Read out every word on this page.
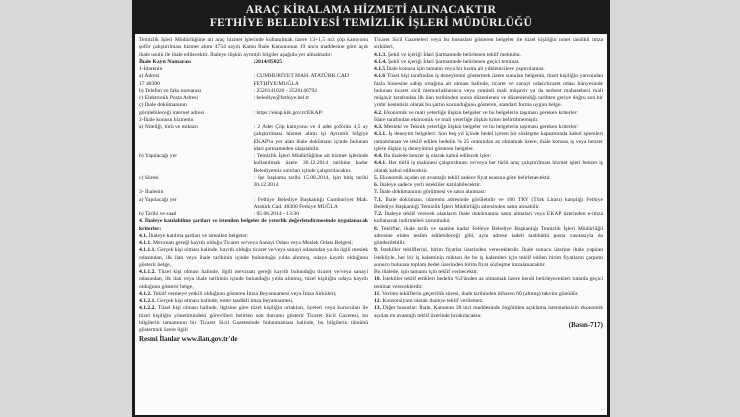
ARAÇ KİRALAMA HİZMETİ ALINACAKTIR
FETHİYE BELEDİYESİ TEMİZLİK İŞLERİ MÜDÜRLÜĞÜ
Temizlik İşleri Müdürlüğüne ait araç hizmet işlerinde kullanılmak üzere 13+1,5 m3 çöp kamyonu şoför çalıştırılması hizmet alımı 4734 sayılı Kamu İhale Kanununun 19 uncu maddesine göre açık ihale usulü ile ihale edilecektir. İhaleye ilişkin ayrıntılı bilgiler aşağıda yer almaktadır:
İhale Kayıt Numarası	:2014/85025
1-İdarenin
a) Adresi	: CUMHURİYET MAH. ATATÜRK CAD
17 48300	FETHİYE/MUĞLA
b) Telefon ve faks numarası	: 2526141020 - 2526146792
c) Elektronik Posta Adresi	: belediye@fethiye.bel.tr
ç) İhale dokümanının
görülebileceği internet adresi	: https://ekap.kik.gov.tr/EKAP/
2-İhale konusu hizmetin
a) Niteliği, türü ve miktarı	: 2 Adet Çöp kamyonu ve 4 adet şoförün 4,5 ay çalıştırılması hizmet alımı işi Ayrıntılı bilgiye EKAP'ta yer alan ihale dokümanı içinde bulunan idari şartnameden ulaşılabilir.
b) Yapılacağı yer	: Temizlik İşleri Müdürlüğüne ait hizmet işlerinde kullanılmak üzere 30.12.2014 tarihine kadar Belediyemiz sınırları içinde çalıştırılacaktır.
c) Süresi	: İşe başlama tarihi 15.08.2014, işin bitiş tarihi 30.12.2014
3- İhalenin
a) Yapılacağı yer	: Fethiye Belediye Başkanlığı Cumhuriyet Mah. Atatürk Cad. 48300 Fethiye MUĞLA
b) Tarihi ve saati	: 05.08.2014 - 13:30
4. İhaleye katılabilme şartları ve istenilen belgeler ile yeterlik değerlendirmesinde uygulanacak kriterler:
4.1. İhaleye katılma şartları ve istenilen belgeler:
4.1.1. Mevzuatı gereği kayıtlı olduğu Ticaret ve/veya Sanayi Odası veya Meslek Odası Belgesi;
4.1.1.1. Gerçek kişi olması halinde, kayıtlı olduğu ticaret ve/veya sanayi odasından ya da ilgili meslek odasından, ilk ilan veya ihale tarihinin içinde bulunduğu yılda alınmış, odaya kayıtlı olduğunu gösterir belge,
4.1.1.2. Tüzel kişi olması halinde, ilgili mevzuatı gereği kayıtlı bulunduğu ticaret ve/veya sanayi odasından, ilk ilan veya ihale tarihinin içinde bulunduğu yılda alınmış, tüzel kişiliğin odaya kayıtlı olduğunu gösterir belge,
4.1.2. Teklif vermeye yetkili olduğunu gösteren İmza Beyannamesi veya İmza Sirküleri;
4.1.2.1. Gerçek kişi olması halinde, noter tasdikli imza beyannamesi,
4.1.2.2. Tüzel kişi olması halinde, ilgisine göre tüzel kişiliğin ortakları, üyeleri veya kurucuları ile tüzel kişiliğin yönetimindeki görevlileri belirten son durumu gösterir Ticaret Sicil Gazetesi, bu bilgilerin tamamının bir Ticaret Sicil Gazetesinde bulunmaması halinde, bu bilgilerin tümünü göstermek üzere ilgili
Resmi İlanlar www.ilan.gov.tr'de
Ticaret Sicil Gazeteleri veya bu hususları gösteren belgeler ile tüzel kişiliğin noter tasdikli imza sirküleri,
4.1.3. Şekli ve içeriği İdari Şartnamede belirlenen teklif mektubu.
4.1.4. Şekli ve içeriği İdari Şartnamede belirlenen geçici teminat.
4.1.5 İhale konusu işin tamamı veya bir kısmı alt yüklenicilere yaptırılamaz.
4.1.6 Tüzel kişi tarafından iş deneyimini göstermek üzere sunulan belgenin, tüzel kişiliğin yarısından fazla hissesine sahip ortağına ait olması halinde, ticaret ve sanayi odası/ticaret odası bünyesinde bulunan ticaret sicil memurluklarınca veya yeminli mali müşavir ya da serbest muhasebeci mali müşavir tarafından ilk ilan tarihinden sonra düzenlenen ve düzenlendiği tarihten geriye doğru son bir yıldır kesintisiz olarak bu şartın korunduğunu gösteren, standart forma uygun belge.
4.2. Ekonomik ve mali yeterliğe ilişkin belgeler ve bu belgelerin taşıması gereken kriterler:
İdare tarafından ekonomik ve mali yeterliğe ilişkin kriter belirtilmemiştir.
4.3. Mesleki ve Teknik yeterliğe ilişkin belgeler ve bu belgelerin taşıması gereken kriterler:
4.3.1. İş deneyim belgeleri: Son beş yıl içinde bedel içeren bir sözleşme kapsamında kabul işlemleri tamamlanan ve teklif edilen bedelin % 25 oranından az olmamak üzere, ihale konusu iş veya benzer işlere ilişkin iş deneyimini gösteren belgeler.
4.4. Bu ihalede benzer iş olarak kabul edilecek işler:
4.4.1. Her türlü iş makinesi çalıştırılması ve/veya her türlü araç çalıştırılması hizmet işleri benzer iş olarak kabul edilecektir.
5. Ekonomik açıdan en avantajlı teklif sadece fiyat esasına göre belirlenecektir.
6. İhaleye sadece yerli istekliler katılabilecektir.
7. İhale dokümanının görülmesi ve satın alınması:
7.1. İhale dokümanı, idarenin adresinde görülebilir ve 100 TRY (Türk Lirası) karşılığı Fethiye Belediye Başkanlığı Temizlik İşleri Müdürlüğü adresinden satın alınabilir.
7.2. İhaleye teklif verecek olanların ihale dokümanını satın almaları veya EKAP üzerinden e-imza kullanarak indirmeleri zorunludur.
8. Teklifler, ihale tarih ve saatine kadar Fethiye Belediye Başkanlığı Temizlik İşleri Müdürlüğü adresine elden teslim edilebileceği gibi, aynı adrese iadeli taahhütlü posta vasıtasıyla da gönderilebilir.
9. İstekliler tekliflerini, birim fiyatlar üzerinden vereceklerdir. İhale sonucu üzerine ihale yapılan istekliyle, her bir iş kaleminin miktarı ile bu iş kalemleri için teklif edilen birim fiyatların çarpımı sonucu bulunan toplam bedel üzerinden birim fiyat sözleşme imzalanacaktır.
Bu ihalede, işin tamamı için teklif verilecektir.
10. İstekliler teklif ettikleri bedelin %3'ünden az olmamak üzere kendi belirleyecekleri tutarda geçici teminat vereceklerdir.
11. Verilen tekliflerin geçerlilik süresi, ihale tarihinden itibaren 60 (altmış) takvim günüdür.
12. Konsorsiyum olarak ihaleye teklif verilemez.
13. Diğer hususlar: İhale, Kanunun 38 inci maddesinde öngörülen açıklama istenmeksizin ekonomik açıdan en avantajlı teklif üzerinde bırakılacaktır.
(Basın-717)
